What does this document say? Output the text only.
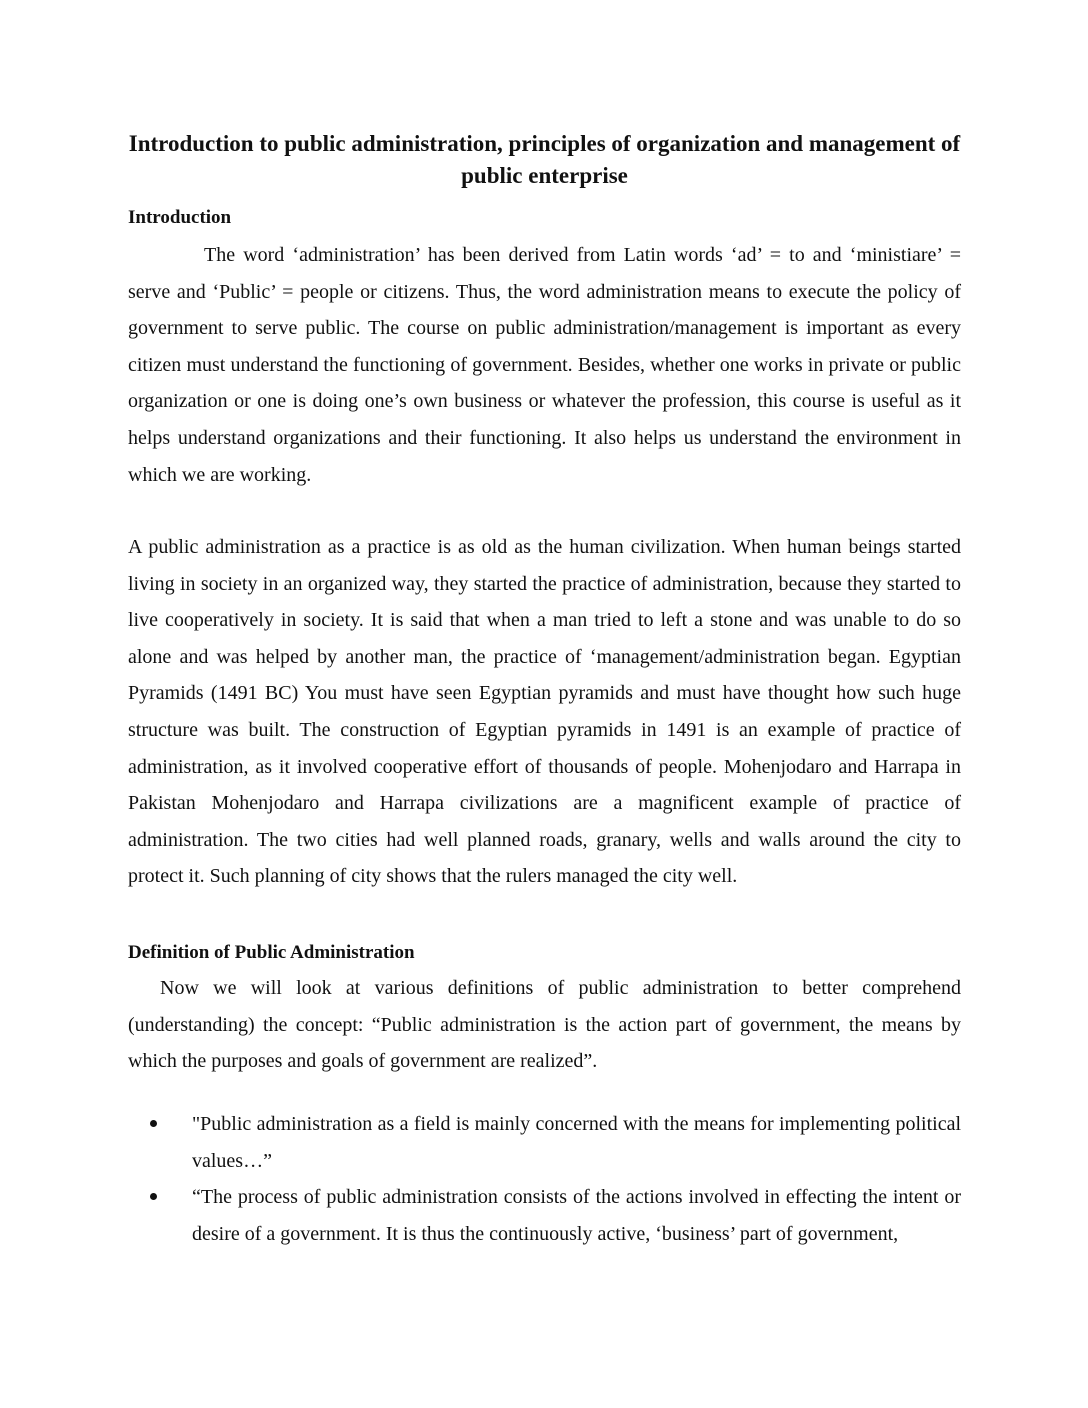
Introduction to public administration, principles of organization and management of public enterprise
Introduction

The word ‘administration’ has been derived from Latin words ‘ad’ = to and ‘ministiare’ = serve and ‘Public’ = people or citizens. Thus, the word administration means to execute the policy of government to serve public. The course on public administration/management is important as every citizen must understand the functioning of government. Besides, whether one works in private or public organization or one is doing one’s own business or whatever the profession, this course is useful as it helps understand organizations and their functioning. It also helps us understand the environment in which we are working.

A public administration as a practice is as old as the human civilization. When human beings started living in society in an organized way, they started the practice of administration, because they started to live cooperatively in society. It is said that when a man tried to left a stone and was unable to do so alone and was helped by another man, the practice of ‘management/administration began. Egyptian Pyramids (1491 BC) You must have seen Egyptian pyramids and must have thought how such huge structure was built. The construction of Egyptian pyramids in 1491 is an example of practice of administration, as it involved cooperative effort of thousands of people. Mohenjodaro and Harrapa in Pakistan Mohenjodaro and Harrapa civilizations are a magnificent example of practice of administration. The two cities had well planned roads, granary, wells and walls around the city to protect it. Such planning of city shows that the rulers managed the city well.

Definition of Public Administration

Now we will look at various definitions of public administration to better comprehend (understanding) the concept: “Public administration is the action part of government, the means by which the purposes and goals of government are realized”.

"Public administration as a field is mainly concerned with the means for implementing political values…”
“The process of public administration consists of the actions involved in effecting the intent or desire of a government. It is thus the continuously active, ‘business’ part of government,
